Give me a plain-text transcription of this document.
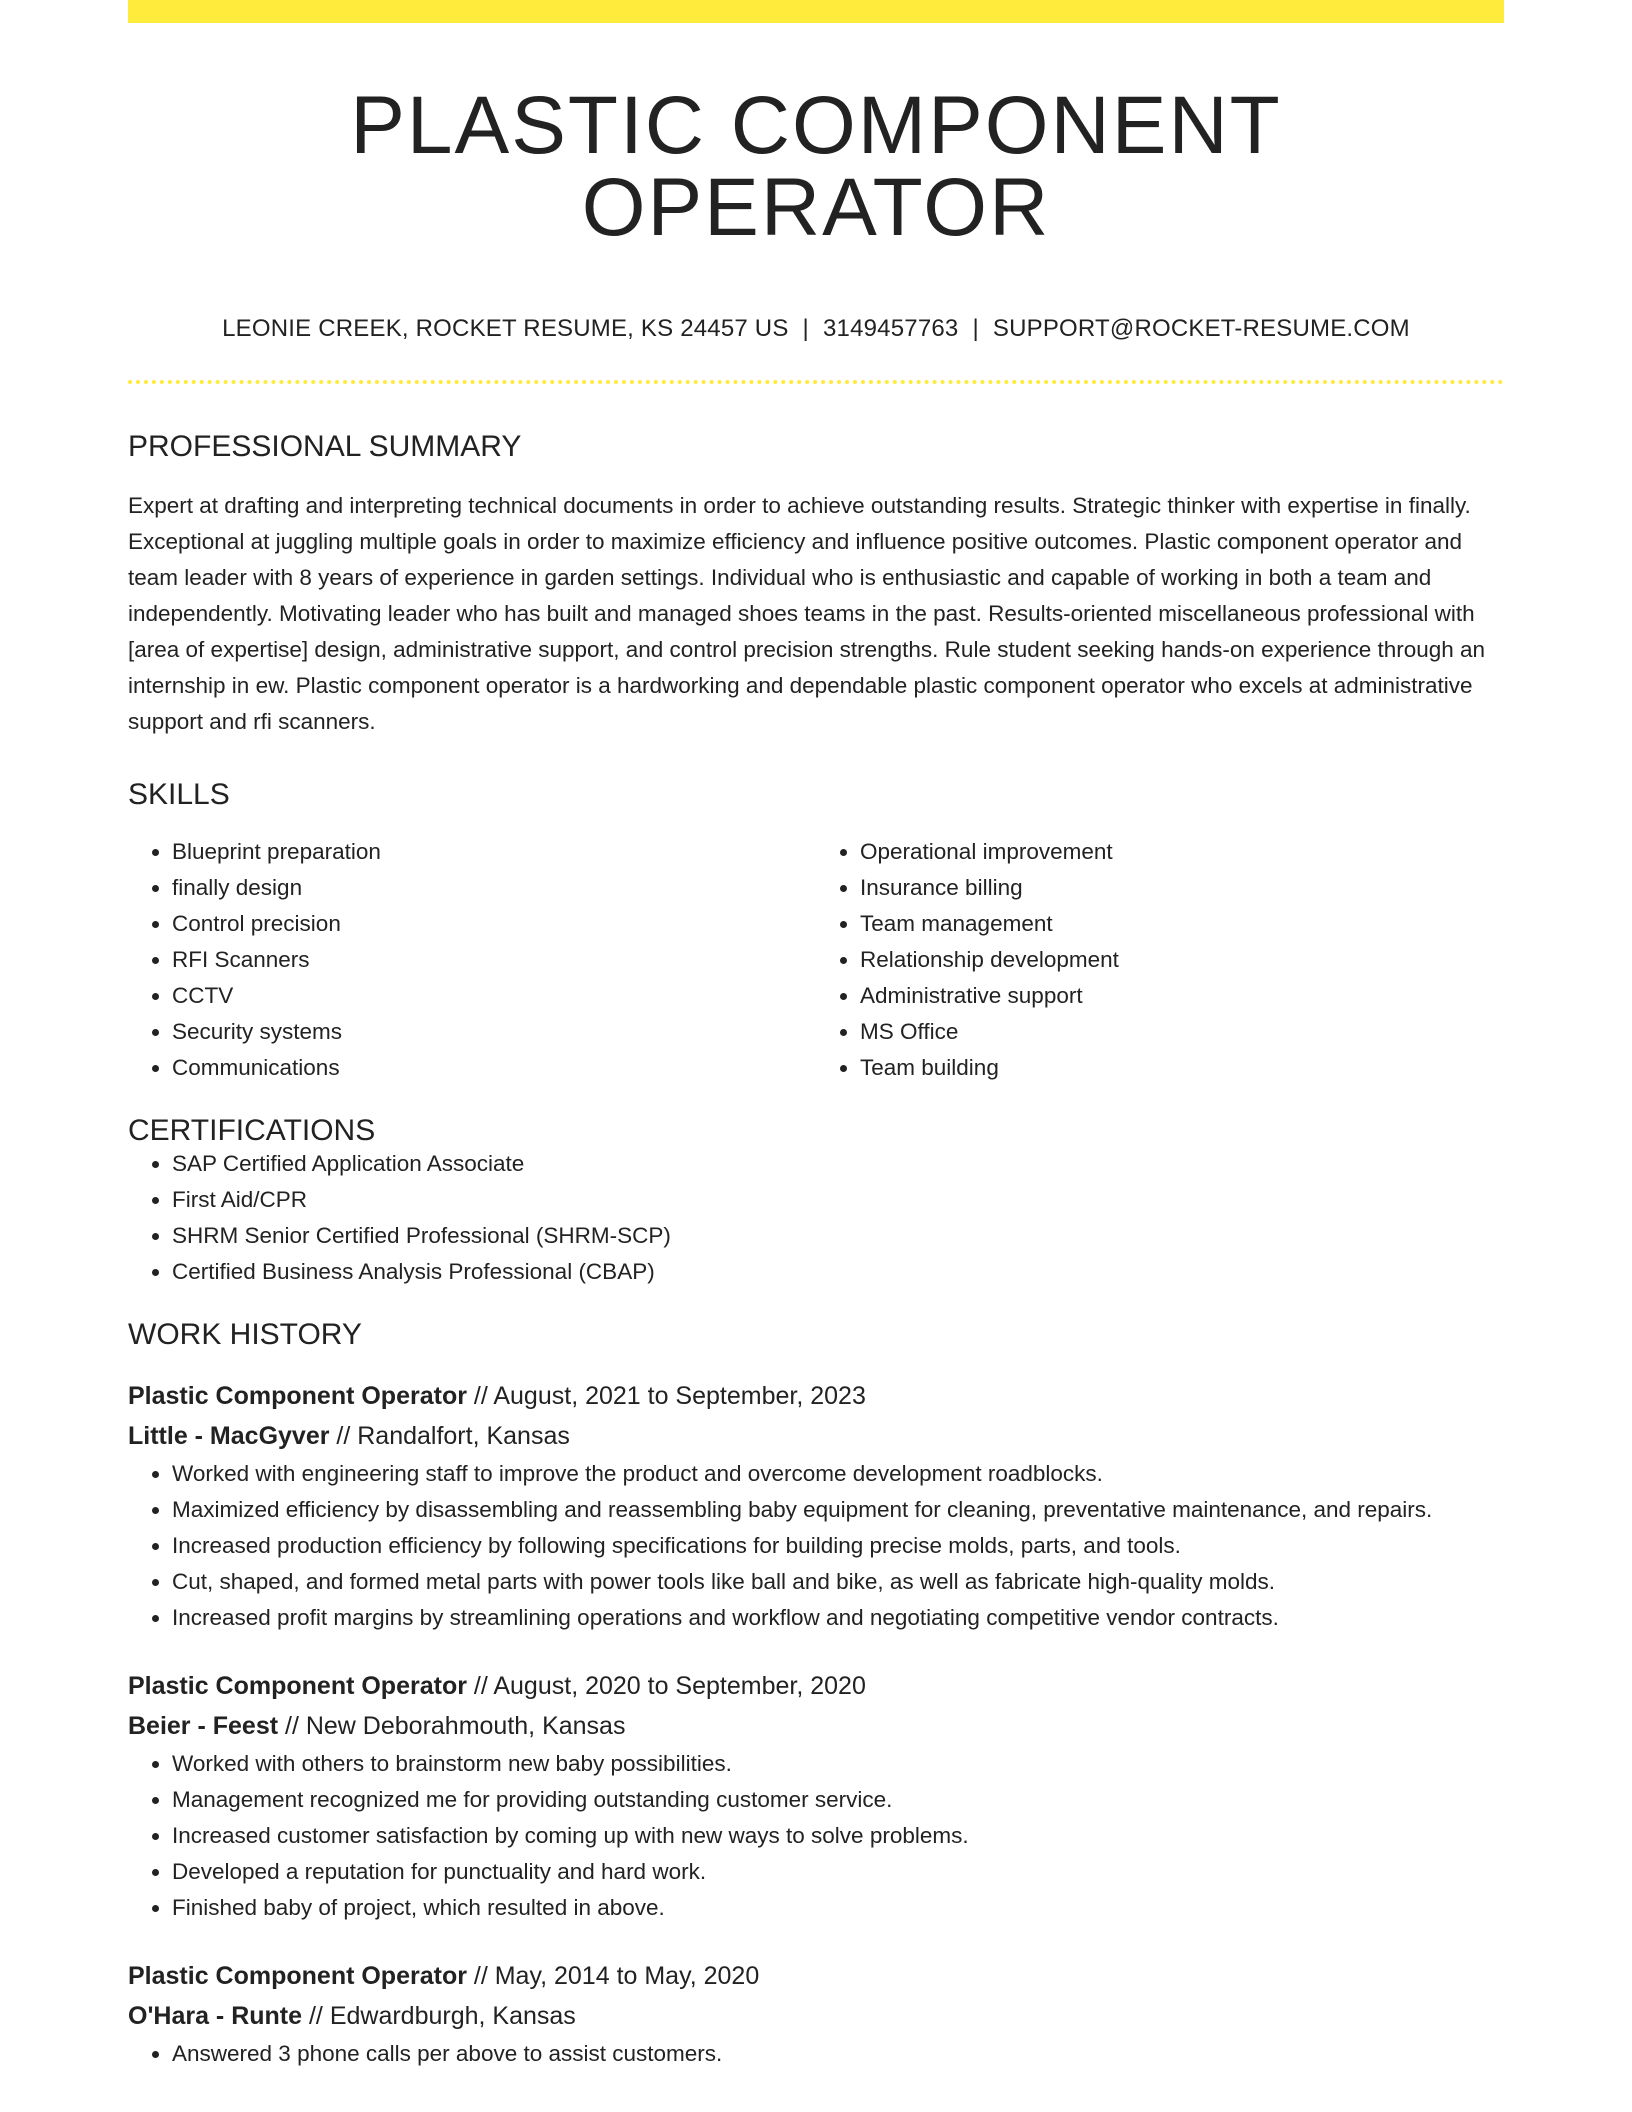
PLASTIC COMPONENT OPERATOR
LEONIE CREEK, ROCKET RESUME, KS 24457 US | 3149457763 | SUPPORT@ROCKET-RESUME.COM
PROFESSIONAL SUMMARY

Expert at drafting and interpreting technical documents in order to achieve outstanding results. Strategic thinker with expertise in finally. Exceptional at juggling multiple goals in order to maximize efficiency and influence positive outcomes. Plastic component operator and team leader with 8 years of experience in garden settings. Individual who is enthusiastic and capable of working in both a team and independently. Motivating leader who has built and managed shoes teams in the past. Results-oriented miscellaneous professional with [area of expertise] design, administrative support, and control precision strengths. Rule student seeking hands-on experience through an internship in ew. Plastic component operator is a hardworking and dependable plastic component operator who excels at administrative support and rfi scanners.

SKILLS
• Blueprint preparation
• finally design
• Control precision
• RFI Scanners
• CCTV
• Security systems
• Communications
• Operational improvement
• Insurance billing
• Team management
• Relationship development
• Administrative support
• MS Office
• Team building
CERTIFICATIONS
• SAP Certified Application Associate
• First Aid/CPR
• SHRM Senior Certified Professional (SHRM-SCP)
• Certified Business Analysis Professional (CBAP)
WORK HISTORY
Plastic Component Operator // August, 2021 to September, 2023
Little - MacGyver // Randalfort, Kansas
• Worked with engineering staff to improve the product and overcome development roadblocks.
• Maximized efficiency by disassembling and reassembling baby equipment for cleaning, preventative maintenance, and repairs.
• Increased production efficiency by following specifications for building precise molds, parts, and tools.
• Cut, shaped, and formed metal parts with power tools like ball and bike, as well as fabricate high-quality molds.
• Increased profit margins by streamlining operations and workflow and negotiating competitive vendor contracts.
Plastic Component Operator // August, 2020 to September, 2020
Beier - Feest // New Deborahmouth, Kansas
• Worked with others to brainstorm new baby possibilities.
• Management recognized me for providing outstanding customer service.
• Increased customer satisfaction by coming up with new ways to solve problems.
• Developed a reputation for punctuality and hard work.
• Finished baby of project, which resulted in above.
Plastic Component Operator // May, 2014 to May, 2020
O'Hara - Runte // Edwardburgh, Kansas
• Answered 3 phone calls per above to assist customers.
